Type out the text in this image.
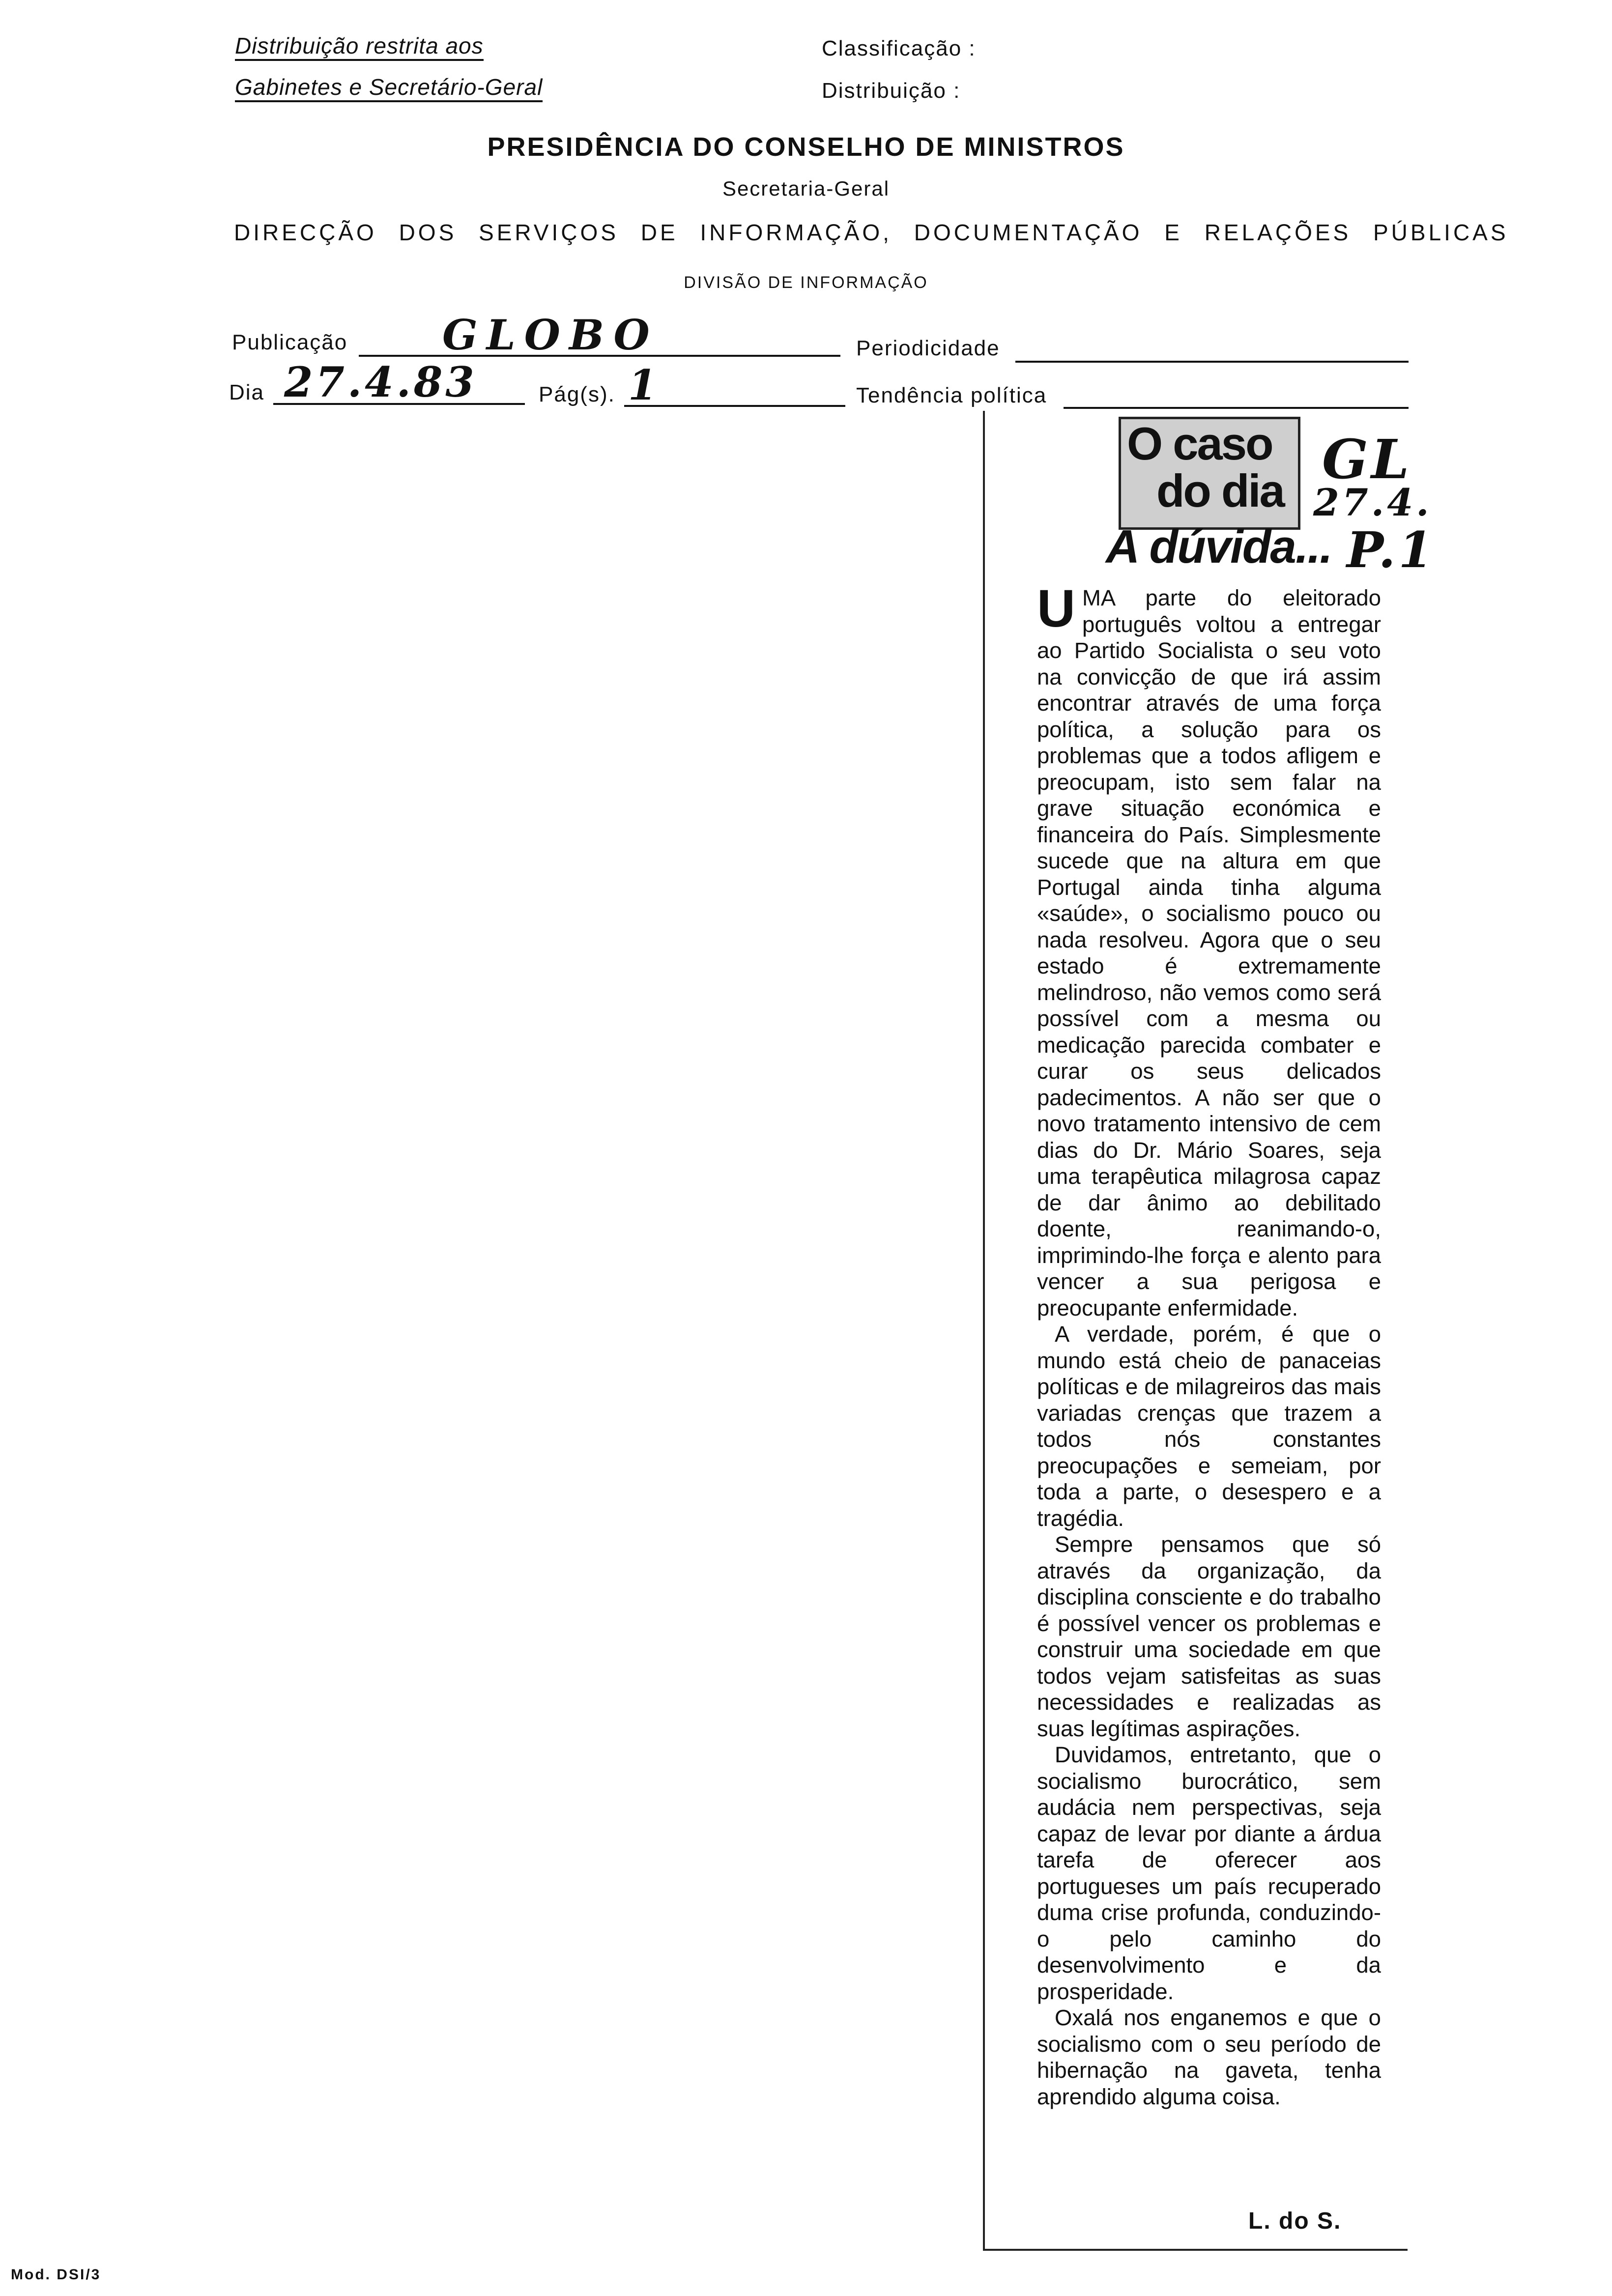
Distribuição restrita aos
Gabinetes e Secretário-Geral
Classificação :
Distribuição :
PRESIDÊNCIA DO CONSELHO DE MINISTROS
Secretaria-Geral
DIRECÇÃO DOS SERVIÇOS DE INFORMAÇÃO, DOCUMENTAÇÃO E RELAÇÕES PÚBLICAS
DIVISÃO DE INFORMAÇÃO
Publicação GLOBO	Periodicidade
Dia 27.4.83	Pág(s). 1	Tendência política
O caso
do dia GL
27.4.
P.1
A dúvida...

UMA parte do eleitorado português voltou a entregar ao Partido Socialista o seu voto na convicção de que irá assim encontrar através de uma força política, a solução para os problemas que a todos afligem e preocupam, isto sem falar na grave situação económica e financeira do País. Simplesmente sucede que na altura em que Portugal ainda tinha alguma «saúde», o socialismo pouco ou nada resolveu. Agora que o seu estado é extremamente melindroso, não vemos como será possível com a mesma ou medicação parecida combater e curar os seus delicados padecimentos. A não ser que o novo tratamento intensivo de cem dias do Dr. Mário Soares, seja uma terapêutica milagrosa capaz de dar ânimo ao debilitado doente, reanimando-o, imprimindo-lhe força e alento para vencer a sua perigosa e preocupante enfermidade.

A verdade, porém, é que o mundo está cheio de panaceias políticas e de milagreiros das mais variadas crenças que trazem a todos nós constantes preocupações e semeiam, por toda a parte, o desespero e a tragédia.

Sempre pensamos que só através da organização, da disciplina consciente e do trabalho é possível vencer os problemas e construir uma sociedade em que todos vejam satisfeitas as suas necessidades e realizadas as suas legítimas aspirações.

Duvidamos, entretanto, que o socialismo burocrático, sem audácia nem perspectivas, seja capaz de levar por diante a árdua tarefa de oferecer aos portugueses um país recuperado duma crise profunda, conduzindo-o pelo caminho do desenvolvimento e da prosperidade.

Oxalá nos enganemos e que o socialismo com o seu período de hibernação na gaveta, tenha aprendido alguma coisa.

L. do S.
Mod. DSI/3
